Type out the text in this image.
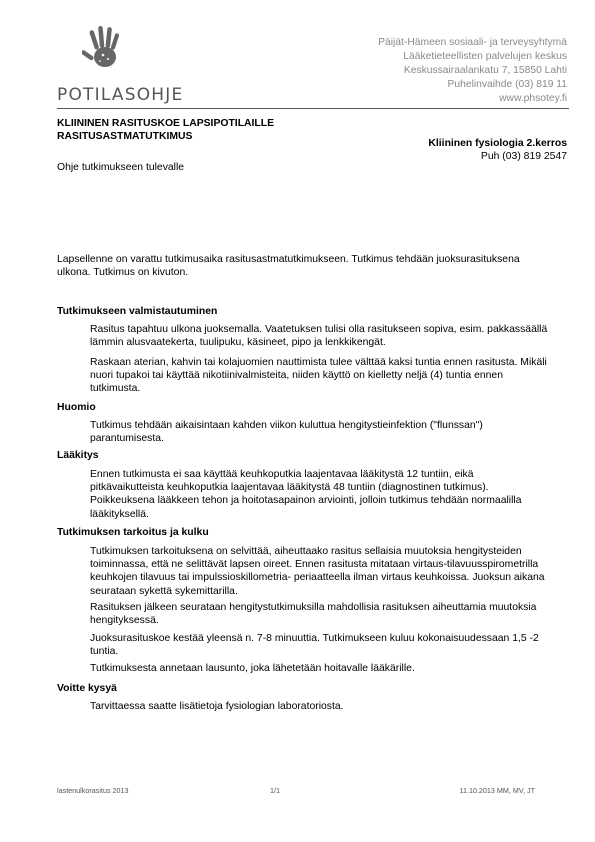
POTILASOHJE
Päijät-Hämeen sosiaali- ja terveysyhtymä
Lääketieteellisten palvelujen keskus
Keskussairaalankatu 7, 15850 Lahti
Puhelinvaihde (03) 819 11
www.phsotey.fi
KLIININEN RASITUSKOE LAPSIPOTILAILLE
RASITUSASTMATUTKIMUS
Kliininen fysiologia 2.kerros
Puh (03) 819 2547
Ohje tutkimukseen tulevalle
Lapsellenne on varattu tutkimusaika rasitusastmatutkimukseen. Tutkimus tehdään juoksurasituksena ulkona. Tutkimus on kivuton.
Tutkimukseen valmistautuminen
Rasitus tapahtuu ulkona juoksemalla. Vaatetuksen tulisi olla rasitukseen sopiva, esim. pakkassäällä lämmin alusvaatekerta, tuulipuku, käsineet, pipo ja lenkkikengät.
Raskaan aterian, kahvin tai kolajuomien nauttimista tulee välttää kaksi tuntia ennen rasitusta. Mikäli nuori tupakoi tai käyttää nikotiinivalmisteita, niiden käyttö on kielletty neljä (4) tuntia ennen tutkimusta.
Huomio
Tutkimus tehdään aikaisintaan kahden viikon kuluttua hengitystieinfektion ("flunssan") parantumisesta.
Lääkitys
Ennen tutkimusta ei saa käyttää keuhkoputkia laajentavaa lääkitystä 12 tuntiin, eikä pitkävaikutteista keuhkoputkia laajentavaa lääkitystä 48 tuntiin (diagnostinen tutkimus). Poikkeuksena lääkkeen tehon ja hoitotasapainon arviointi, jolloin tutkimus tehdään normaalilla lääkityksellä.
Tutkimuksen tarkoitus ja kulku
Tutkimuksen tarkoituksena on selvittää, aiheuttaako rasitus sellaisia muutoksia hengitysteiden toiminnassa, että ne selittävät lapsen oireet. Ennen rasitusta mitataan virtaus-tilavuusspirometrilla keuhkojen tilavuus tai impulssioskillometria- periaatteella ilman virtaus keuhkoissa. Juoksun aikana seurataan sykettä sykemittarilla.
Rasituksen jälkeen seurataan hengitystutkimuksilla mahdollisia rasituksen aiheuttamia muutoksia hengityksessä.
Juoksurasituskoe kestää yleensä n. 7-8 minuuttia. Tutkimukseen kuluu kokonaisuudessaan 1,5 -2 tuntia.
Tutkimuksesta annetaan lausunto, joka lähetetään hoitavalle lääkärille.
Voitte kysyä
Tarvittaessa saatte lisätietoja fysiologian laboratoriosta.
lastenulkorasitus 2013	1/1	11.10.2013 MM, MV, JT
